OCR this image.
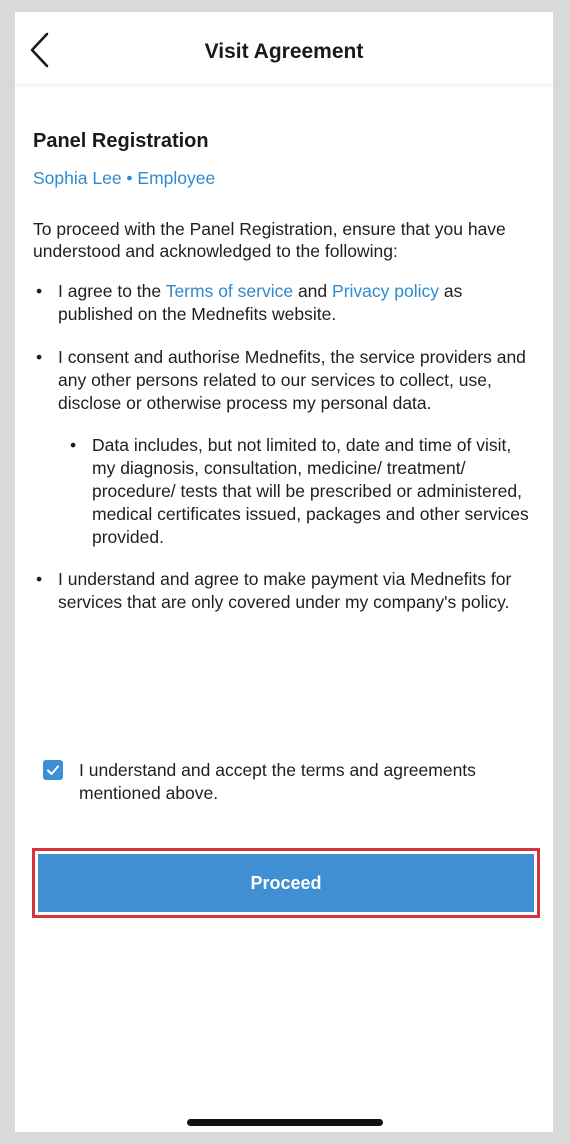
Visit Agreement
Panel Registration
Sophia Lee • Employee
To proceed with the Panel Registration, ensure that you have understood and acknowledged to the following:
• I agree to the Terms of service and Privacy policy as published on the Mednefits website.
• I consent and authorise Mednefits, the service providers and any other persons related to our services to collect, use, disclose or otherwise process my personal data.
• Data includes, but not limited to, date and time of visit, my diagnosis, consultation, medicine/ treatment/ procedure/ tests that will be prescribed or administered, medical certificates issued, packages and other services provided.
• I understand and agree to make payment via Mednefits for services that are only covered under my company's policy.
I understand and accept the terms and agreements mentioned above.
Proceed
